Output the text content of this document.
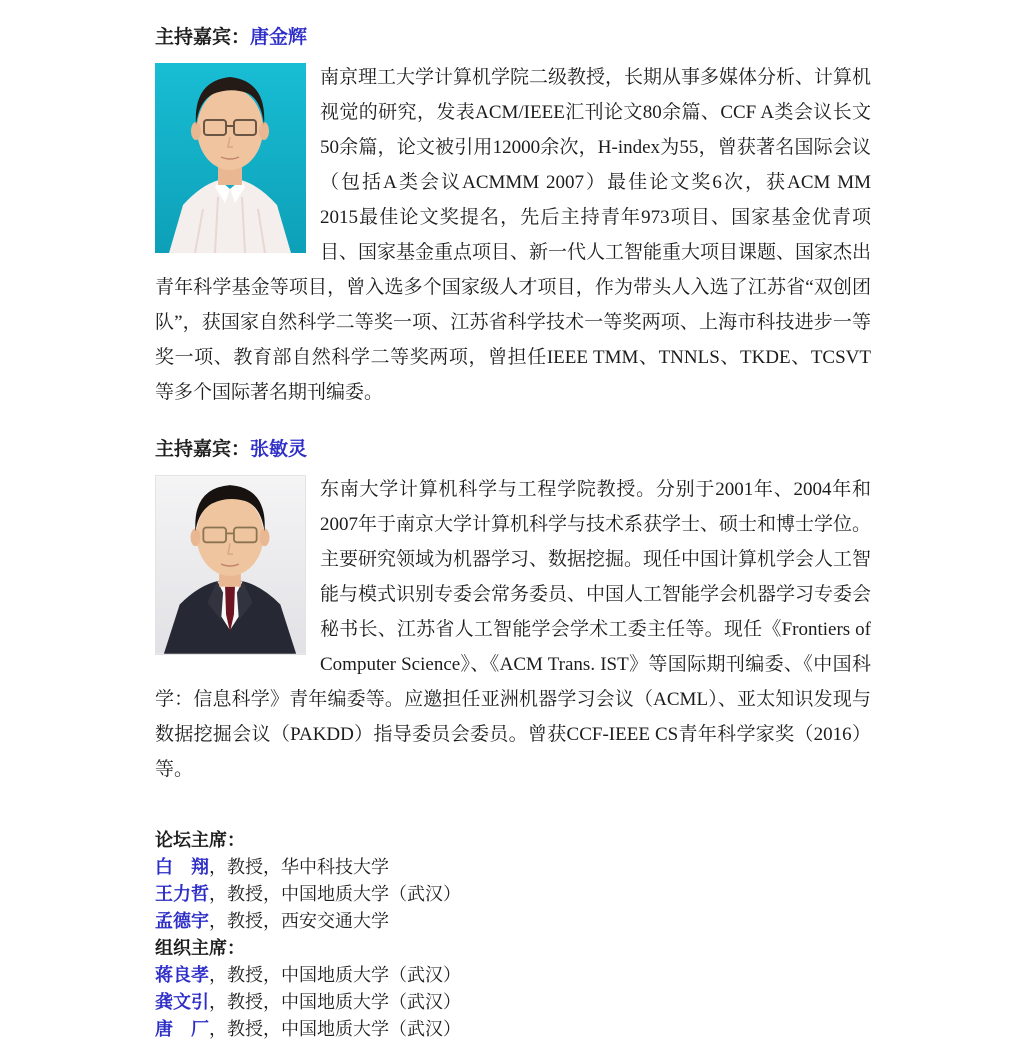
主持嘉宾：唐金辉
南京理工大学计算机学院二级教授，长期从事多媒体分析、计算机视觉的研究，发表ACM/IEEE汇刊论文80余篇、CCF A类会议长文50余篇，论文被引用12000余次，H-index为55，曾获著名国际会议（包括A类会议ACMMM 2007）最佳论文奖6次，获ACM MM 2015最佳论文奖提名，先后主持青年973项目、国家基金优青项目、国家基金重点项目、新一代人工智能重大项目课题、国家杰出青年科学基金等项目，曾入选多个国家级人才项目，作为带头人入选了江苏省“双创团队”，获国家自然科学二等奖一项、江苏省科学技术一等奖两项、上海市科技进步一等奖一项、教育部自然科学二等奖两项，曾担任IEEE TMM、TNNLS、TKDE、TCSVT等多个国际著名期刊编委。
主持嘉宾：张敏灵
东南大学计算机科学与工程学院教授。分别于2001年、2004年和2007年于南京大学计算机科学与技术系获学士、硕士和博士学位。主要研究领域为机器学习、数据挖掘。现任中国计算机学会人工智能与模式识别专委会常务委员、中国人工智能学会机器学习专委会秘书长、江苏省人工智能学会学术工委主任等。现任《Frontiers of Computer Science》、《ACM Trans. IST》等国际期刊编委、《中国科学：信息科学》青年编委等。应邀担任亚洲机器学习会议（ACML）、亚太知识发现与数据挖掘会议（PAKDD）指导委员会委员。曾获CCF-IEEE CS青年科学家奖（2016）等。
论坛主席：
白　翔，教授，华中科技大学
王力哲，教授，中国地质大学（武汉）
孟德宇，教授，西安交通大学
组织主席：
蒋良孝，教授，中国地质大学（武汉）
龚文引，教授，中国地质大学（武汉）
唐　厂，教授，中国地质大学（武汉）
